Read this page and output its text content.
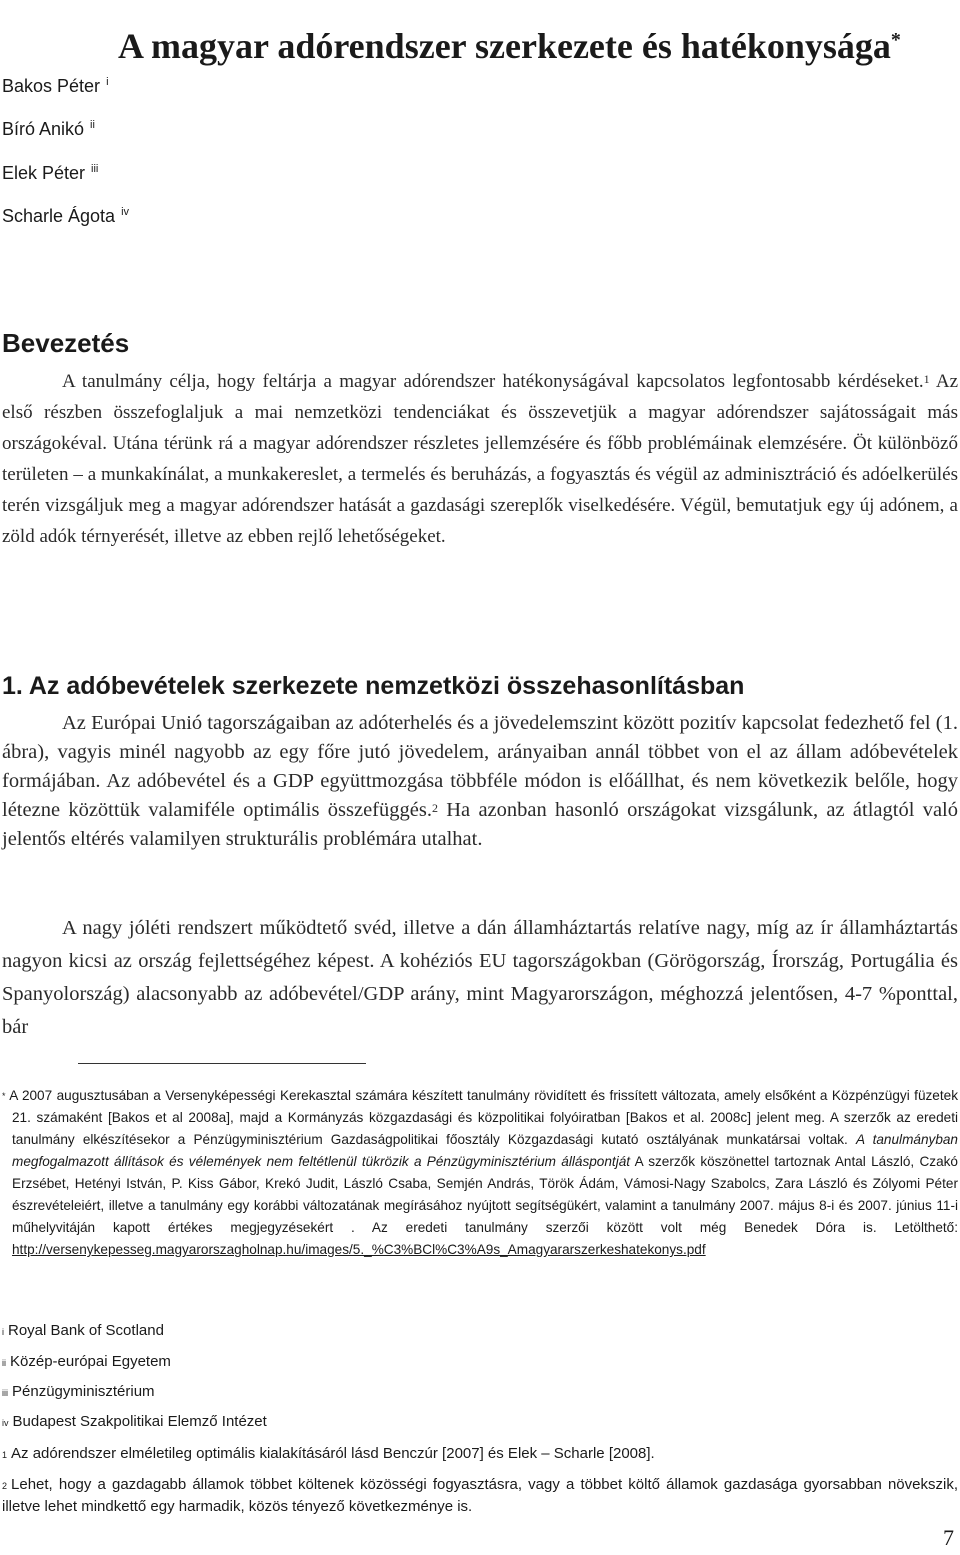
A magyar adórendszer szerkezete és hatékonysága*
Bakos Péter $^i$
Bíró Anikó $^{ii}$
Elek Péter $^{iii}$
Scharle Ágota $^{iv}$
Bevezetés

A tanulmány célja, hogy feltárja a magyar adórendszer hatékonyságával kapcsolatos legfontosabb kérdéseket.$^1$ Az első részben összefoglaljuk a mai nemzetközi tendenciákat és összevetjük a magyar adórendszer sajátosságait más országokéval. Utána térünk rá a magyar adórendszer részletes jellemzésére és főbb problémáinak elemzésére. Öt különböző területen – a munkakínálat, a munkakereslet, a termelés és beruházás, a fogyasztás és végül az adminisztráció és adóelkerülés terén vizsgáljuk meg a magyar adórendszer hatását a gazdasági szereplők viselkedésére. Végül, bemutatjuk egy új adónem, a zöld adók térnyerését, illetve az ebben rejlő lehetőségeket.

1. Az adóbevételek szerkezete nemzetközi összehasonlításban

Az Európai Unió tagországaiban az adóterhelés és a jövedelemszint között pozitív kapcsolat fedezhető fel (1. ábra), vagyis minél nagyobb az egy főre jutó jövedelem, arányaiban annál többet von el az állam adóbevételek formájában. Az adóbevétel és a GDP együttmozgása többféle módon is előállhat, és nem következik belőle, hogy létezne közöttük valamiféle optimális összefüggés.$^2$ Ha azonban hasonló országokat vizsgálunk, az átlagtól való jelentős eltérés valamilyen strukturális problémára utalhat.

A nagy jóléti rendszert működtető svéd, illetve a dán államháztartás relatíve nagy, míg az ír államháztartás nagyon kicsi az ország fejlettségéhez képest. A kohéziós EU tagországokban (Görögország, Írország, Portugália és Spanyolország) alacsonyabb az adóbevétel/GDP arány, mint Magyarországon, méghozzá jelentősen, 4-7 %ponttal, bár

* A 2007 augusztusában a Versenyképességi Kerekasztal számára készített tanulmány rövidített és frissített változata, amely elsőként a Közpénzügyi füzetek 21. számaként [Bakos et al 2008a], majd a Kormányzás közgazdasági és közpolitikai folyóiratban [Bakos et al. 2008c] jelent meg. A szerzők az eredeti tanulmány elkészítésekor a Pénzügyminisztérium Gazdaságpolitikai főosztály Közgazdasági kutató osztályának munkatársai voltak. A tanulmányban megfogalmazott állítások és vélemények nem feltétlenül tükrözik a Pénzügyminisztérium álláspontját A szerzők köszönettel tartoznak Antal László, Czakó Erzsébet, Hetényi István, P. Kiss Gábor, Krekó Judit, László Csaba, Semjén András, Török Ádám, Vámosi-Nagy Szabolcs, Zara László és Zólyomi Péter észrevételeiért, illetve a tanulmány egy korábbi változatának megírásához nyújtott segítségükért, valamint a tanulmány 2007. május 8-i és 2007. június 11-i műhelyvitáján kapott értékes megjegyzésekért . Az eredeti tanulmány szerzői között volt még Benedek Dóra is. Letölthető: http://versenykepesseg.magyarorszagholnap.hu/images/5._%C3%BCl%C3%A9s_Amagyararszerkeshatekonys.pdf
$^i$ Royal Bank of Scotland
$^{ii}$ Közép-európai Egyetem
$^{iii}$ Pénzügyminisztérium
$^{iv}$ Budapest Szakpolitikai Elemző Intézet
$^1$ Az adórendszer elméletileg optimális kialakításáról lásd Benczúr [2007] és Elek – Scharle [2008].
$^2$ Lehet, hogy a gazdagabb államok többet költenek közösségi fogyasztásra, vagy a többet költő államok gazdasága gyorsabban növekszik, illetve lehet mindkettő egy harmadik, közös tényező következménye is.
7
